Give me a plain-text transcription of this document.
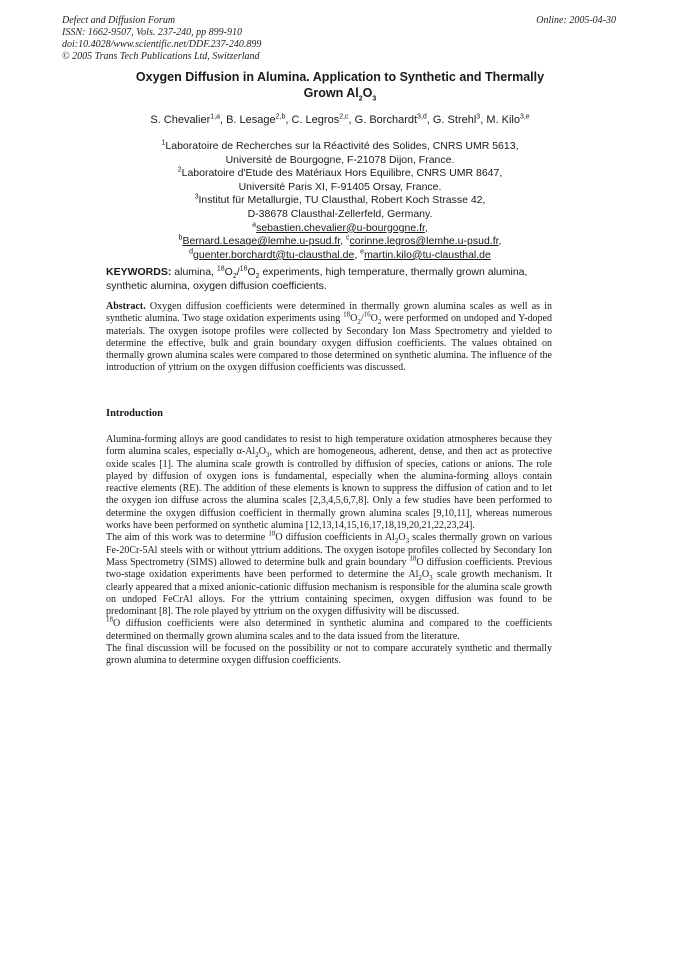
Defect and Diffusion Forum
ISSN: 1662-9507, Vols. 237-240, pp 899-910
doi:10.4028/www.scientific.net/DDF.237-240.899
© 2005 Trans Tech Publications Ltd, Switzerland
Online: 2005-04-30
Oxygen Diffusion in Alumina. Application to Synthetic and Thermally
Grown $Al_2O_3$
S. Chevalier$^{1,a}$, B. Lesage$^{2,b}$, C. Legros$^{2,c}$, G. Borchardt$^{3,d}$, G. Strehl$^3$, M. Kilo$^{3,e}$
$^1$Laboratoire de Recherches sur la Réactivité des Solides, CNRS UMR 5613,
Université de Bourgogne, F-21078 Dijon, France.
$^2$Laboratoire d'Etude des Matériaux Hors Equilibre, CNRS UMR 8647,
Université Paris XI, F-91405 Orsay, France.
$^3$Institut für Metallurgie, TU Clausthal, Robert Koch Strasse 42,
D-38678 Clausthal-Zellerfeld, Germany.
$^a$sebastien.chevalier@u-bourgogne.fr,
$^b$Bernard.Lesage@lemhe.u-psud.fr, $^c$corinne.legros@lemhe.u-psud.fr,
$^d$guenter.borchardt@tu-clausthal.de, $^e$martin.kilo@tu-clausthal.de
KEYWORDS: alumina, $^{18}O_2/^{16}O_2$ experiments, high temperature, thermally grown alumina, synthetic alumina, oxygen diffusion coefficients.
Abstract. Oxygen diffusion coefficients were determined in thermally grown alumina scales as well as in synthetic alumina. Two stage oxidation experiments using $^{18}O_2/^{16}O_2$ were performed on undoped and Y-doped materials. The oxygen isotope profiles were collected by Secondary Ion Mass Spectrometry and yielded to determine the effective, bulk and grain boundary oxygen diffusion coefficients. The values obtained on thermally grown alumina scales were compared to those determined on synthetic alumina. The influence of the introduction of yttrium on the oxygen diffusion coefficients was discussed.
Introduction

Alumina-forming alloys are good candidates to resist to high temperature oxidation atmospheres because they form alumina scales, especially $\alpha-Al_2O_3$, which are homogeneous, adherent, dense, and then act as protective oxide scales [1]. The alumina scale growth is controlled by diffusion of species, cations or anions. The role played by diffusion of oxygen ions is fundamental, especially when the alumina-forming alloys contain reactive elements (RE). The addition of these elements is known to suppress the diffusion of cation and to let the oxygen ion diffuse across the alumina scales [2,3,4,5,6,7,8]. Only a few studies have been performed to determine the oxygen diffusion coefficient in thermally grown alumina scales [9,10,11], whereas numerous works have been performed on synthetic alumina [12,13,14,15,16,17,18,19,20,21,22,23,24].

The aim of this work was to determine $^{18}$O diffusion coefficients in $Al_2O_3$ scales thermally grown on various Fe-20Cr-5Al steels with or without yttrium additions. The oxygen isotope profiles collected by Secondary Ion Mass Spectrometry (SIMS) allowed to determine bulk and grain boundary $^{18}$O diffusion coefficients. Previous two-stage oxidation experiments have been performed to determine the $Al_2O_3$ scale growth mechanism. It clearly appeared that a mixed anionic-cationic diffusion mechanism is responsible for the alumina scale growth on undoped FeCrAl alloys. For the yttrium containing specimen, oxygen diffusion was found to be predominant [8]. The role played by yttrium on the oxygen diffusivity will be discussed.

$^{18}$O diffusion coefficients were also determined in synthetic alumina and compared to the coefficients determined on thermally grown alumina scales and to the data issued from the literature.

The final discussion will be focused on the possibility or not to compare accurately synthetic and thermally grown alumina to determine oxygen diffusion coefficients.
